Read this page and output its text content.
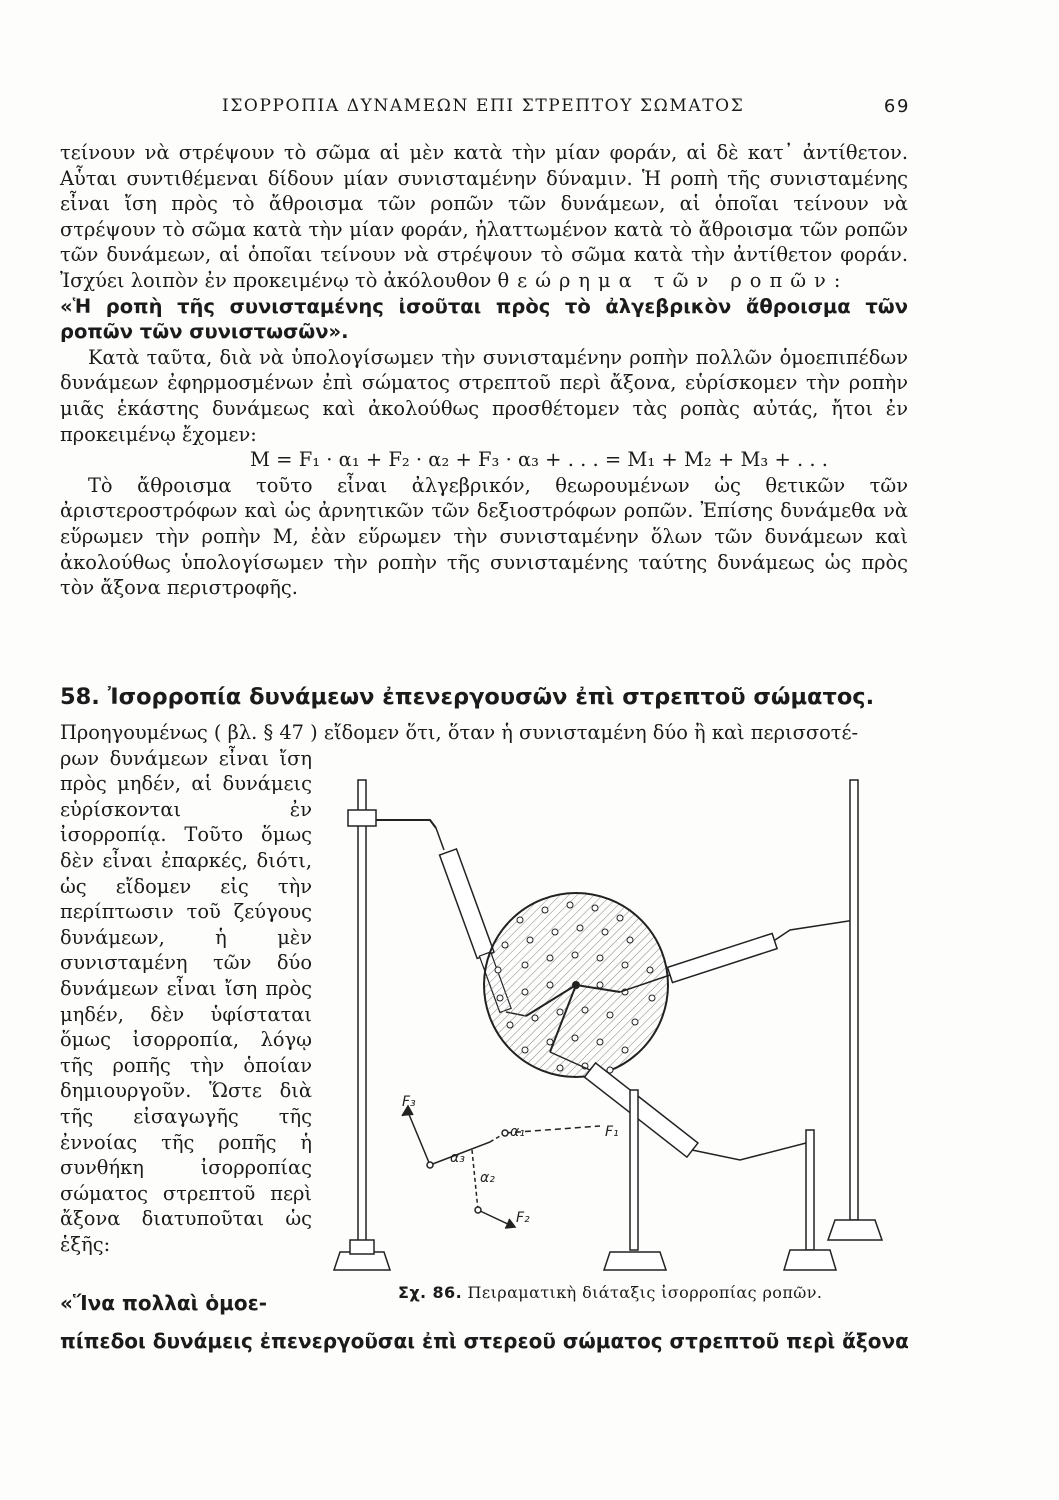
ΙΣΟΡΡΟΠΙΑ ΔΥΝΑΜΕΩΝ ΕΠΙ ΣΤΡΕΠΤΟΥ ΣΩΜΑΤΟΣ	69

τείνουν νὰ στρέψουν τὸ σῶμα αἱ μὲν κατὰ τὴν μίαν φοράν, αἱ δὲ κατ᾽ ἀντίθετον. Αὗται συντιθέμεναι δίδουν μίαν συνισταμένην δύναμιν. Ἡ ροπὴ τῆς συνισταμένης εἶναι ἴση πρὸς τὸ ἄθροισμα τῶν ροπῶν τῶν δυνάμεων, αἱ ὁποῖαι τείνουν νὰ στρέψουν τὸ σῶμα κατὰ τὴν μίαν φοράν, ἠλαττωμένον κατὰ τὸ ἄθροισμα τῶν ροπῶν τῶν δυνάμεων, αἱ ὁποῖαι τείνουν νὰ στρέψουν τὸ σῶμα κατὰ τὴν ἀντίθετον φοράν. Ἰσχύει λοιπὸν ἐν προκειμένῳ τὸ ἀκόλουθον θεώρημα τῶν ροπῶν:

«Ἡ ροπὴ τῆς συνισταμένης ἰσοῦται πρὸς τὸ ἀλγεβρικὸν ἄθροισμα τῶν ροπῶν τῶν συνιστωσῶν».

Κατὰ ταῦτα, διὰ νὰ ὑπολογίσωμεν τὴν συνισταμένην ροπὴν πολλῶν ὁμοεπιπέδων δυνάμεων ἐφηρμοσμένων ἐπὶ σώματος στρεπτοῦ περὶ ἄξονα, εὑρίσκομεν τὴν ροπὴν μιᾶς ἑκάστης δυνάμεως καὶ ἀκολούθως προσθέτομεν τὰς ροπὰς αὐτάς, ἤτοι ἐν προκειμένῳ ἔχομεν:

M = F₁ · α₁ + F₂ · α₂ + F₃ · α₃ + . . . = M₁ + M₂ + M₃ + . . .

Τὸ ἄθροισμα τοῦτο εἶναι ἀλγεβρικόν, θεωρουμένων ὡς θετικῶν τῶν ἀριστεροστρόφων καὶ ὡς ἀρνητικῶν τῶν δεξιοστρόφων ροπῶν. Ἐπίσης δυνάμεθα νὰ εὕρωμεν τὴν ροπὴν M, ἐὰν εὕρωμεν τὴν συνισταμένην ὅλων τῶν δυνάμεων καὶ ἀκολούθως ὑπολογίσωμεν τὴν ροπὴν τῆς συνισταμένης ταύτης δυνάμεως ὡς πρὸς τὸν ἄξονα περιστροφῆς.

58. Ἰσορροπία δυνάμεων ἐπενεργουσῶν ἐπὶ στρεπτοῦ σώματος.
Προηγουμένως ( βλ. § 47 ) εἴδομεν ὅτι, ὅταν ἡ συνισταμένη δύο ἢ καὶ περισσοτέ-
ρων δυνάμεων εἶναι ἴση πρὸς μηδέν, αἱ δυνάμεις εὑρίσκονται ἐν ἰσορροπίᾳ. Τοῦτο ὅμως δὲν εἶναι ἐπαρκές, διότι, ὡς εἴδομεν εἰς τὴν περίπτωσιν τοῦ ζεύγους δυνάμεων, ἡ μὲν συνισταμένη τῶν δύο δυνάμεων εἶναι ἴση πρὸς μηδέν, δὲν ὑφίσταται ὅμως ἰσορροπία, λόγῳ τῆς ροπῆς τὴν ὁποίαν δημιουργοῦν. Ὥστε διὰ τῆς εἰσαγωγῆς τῆς ἐννοίας τῆς ροπῆς ἡ συνθήκη ἰσορροπίας σώματος στρεπτοῦ περὶ ἄξονα διατυποῦται ὡς ἑξῆς:
F₃
F₁
F₂
α₁
α₂
α₃
Σχ. 86. Πειραματικὴ διάταξις ἰσορροπίας ροπῶν.
«Ἵνα πολλαὶ ὁμοε-
πίπεδοι δυνάμεις ἐπενεργοῦσαι ἐπὶ στερεοῦ σώματος στρεπτοῦ περὶ ἄξονα
